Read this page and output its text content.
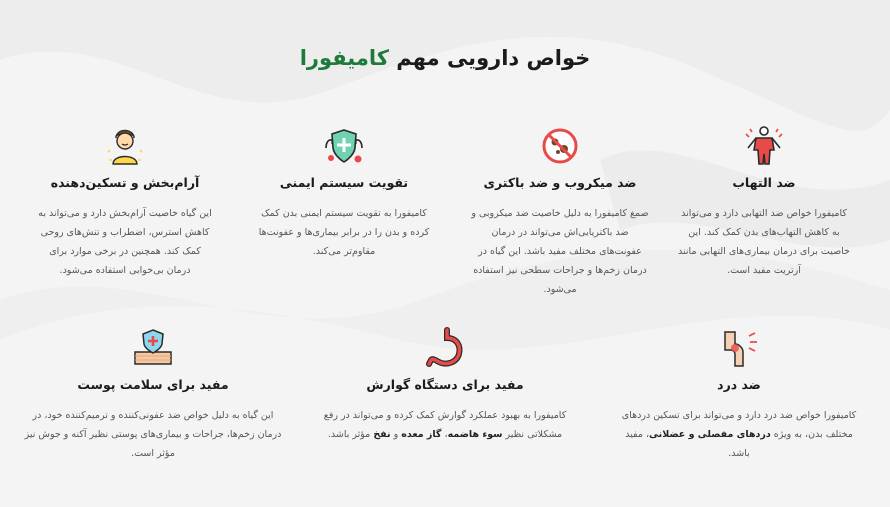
خواص دارویی مهم کامیفورا
ضد التهاب

کامیفورا خواص ضد التهابی دارد و می‌تواند به کاهش التهاب‌های بدن کمک کند. این خاصیت برای درمان بیماری‌های التهابی مانند آرتریت مفید است.

ضد میکروب و ضد باکتری

صمغ کامیفورا به دلیل خاصیت ضد میکروبی و ضد باکتریایی‌اش می‌تواند در درمان عفونت‌های مختلف مفید باشد. این گیاه در درمان زخم‌ها و جراحات سطحی نیز استفاده می‌شود.

تقویت سیستم ایمنی

کامیفورا به تقویت سیستم ایمنی بدن کمک کرده و بدن را در برابر بیماری‌ها و عفونت‌ها مقاوم‌تر می‌کند.

آرام‌بخش و تسکین‌دهنده

این گیاه خاصیت آرام‌بخش دارد و می‌تواند به کاهش استرس، اضطراب و تنش‌های روحی کمک کند. همچنین در برخی موارد برای درمان بی‌خوابی استفاده می‌شود.

ضد درد

کامیفورا خواص ضد درد دارد و می‌تواند برای تسکین دردهای مختلف بدن، به ویژه دردهای مفصلی و عضلانی، مفید باشد.

مفید برای دستگاه گوارش

کامیفورا به بهبود عملکرد گوارش کمک کرده و می‌تواند در رفع مشکلاتی نظیر سوء هاضمه، گاز معده و نفخ مؤثر باشد.

مفید برای سلامت پوست

این گیاه به دلیل خواص ضد عفونی‌کننده و ترمیم‌کننده خود، در درمان زخم‌ها، جراحات و بیماری‌های پوستی نظیر آکنه و جوش نیز مؤثر است.
